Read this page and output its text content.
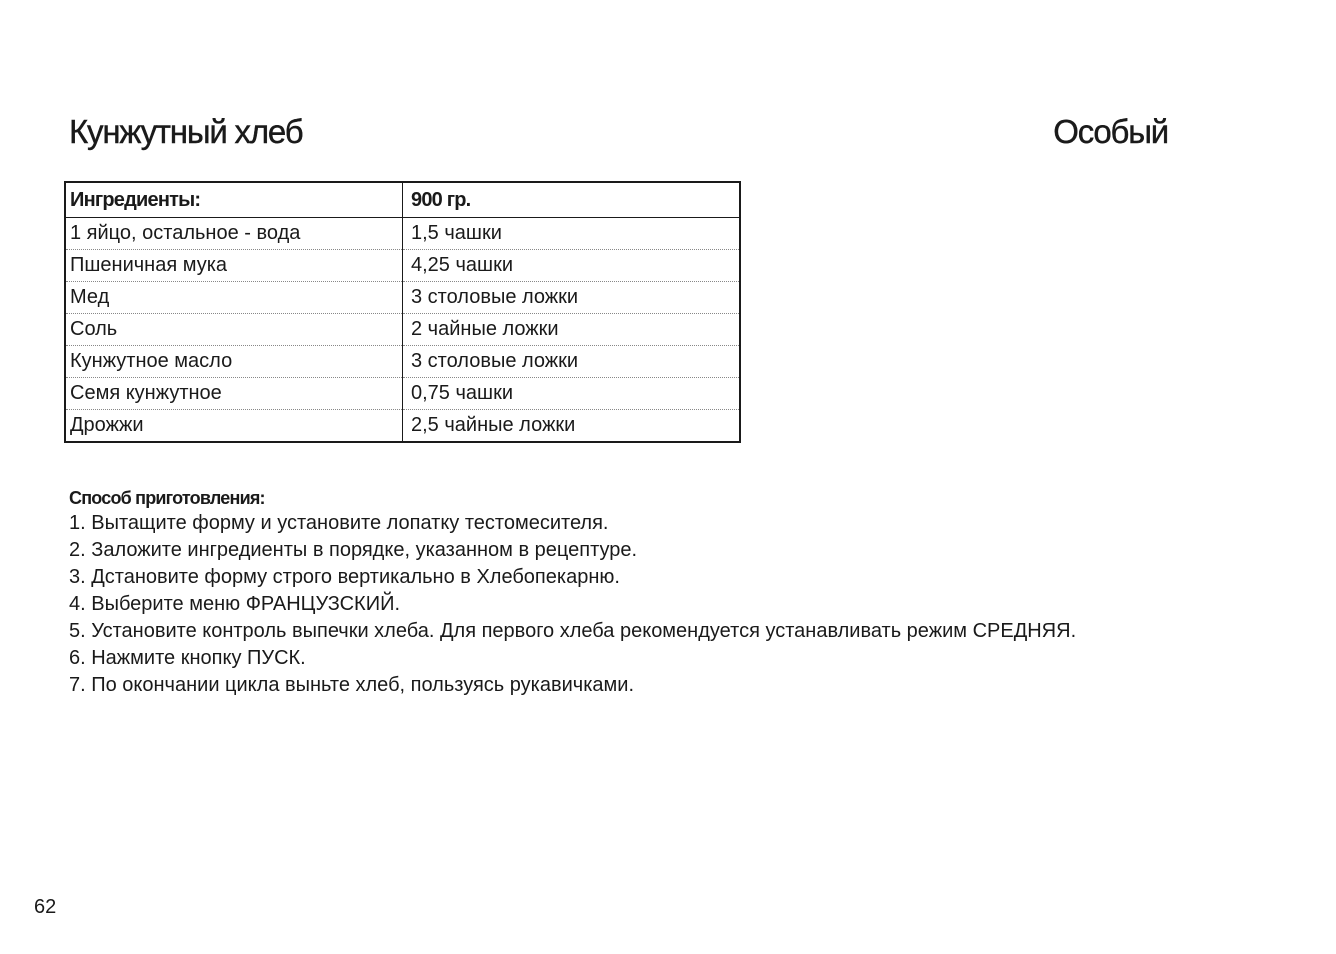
Кунжутный хлеб	Особый
Ингредиенты:	900 гр.
1 яйцо, остальное - вода	1,5 чашки
Пшеничная мука	4,25 чашки
Мед	3 столовые ложки
Соль	2 чайные ложки
Кунжутное масло	3 столовые ложки
Семя кунжутное	0,75 чашки
Дрожжи	2,5 чайные ложки
Способ приготовления:
1. Вытащите форму и установите лопатку тестомесителя.
2. Заложите ингредиенты в порядке, указанном в рецептуре.
3. Дстановите форму строго вертикально в Хлебопекарню.
4. Выберите меню ФРАНЦУЗСКИЙ.
5. Установите контроль выпечки хлеба. Для первого хлеба рекомендуется устанавливать режим СРЕДНЯЯ.
6. Нажмите кнопку ПУСК.
7. По окончании цикла выньте хлеб, пользуясь рукавичками.
62
